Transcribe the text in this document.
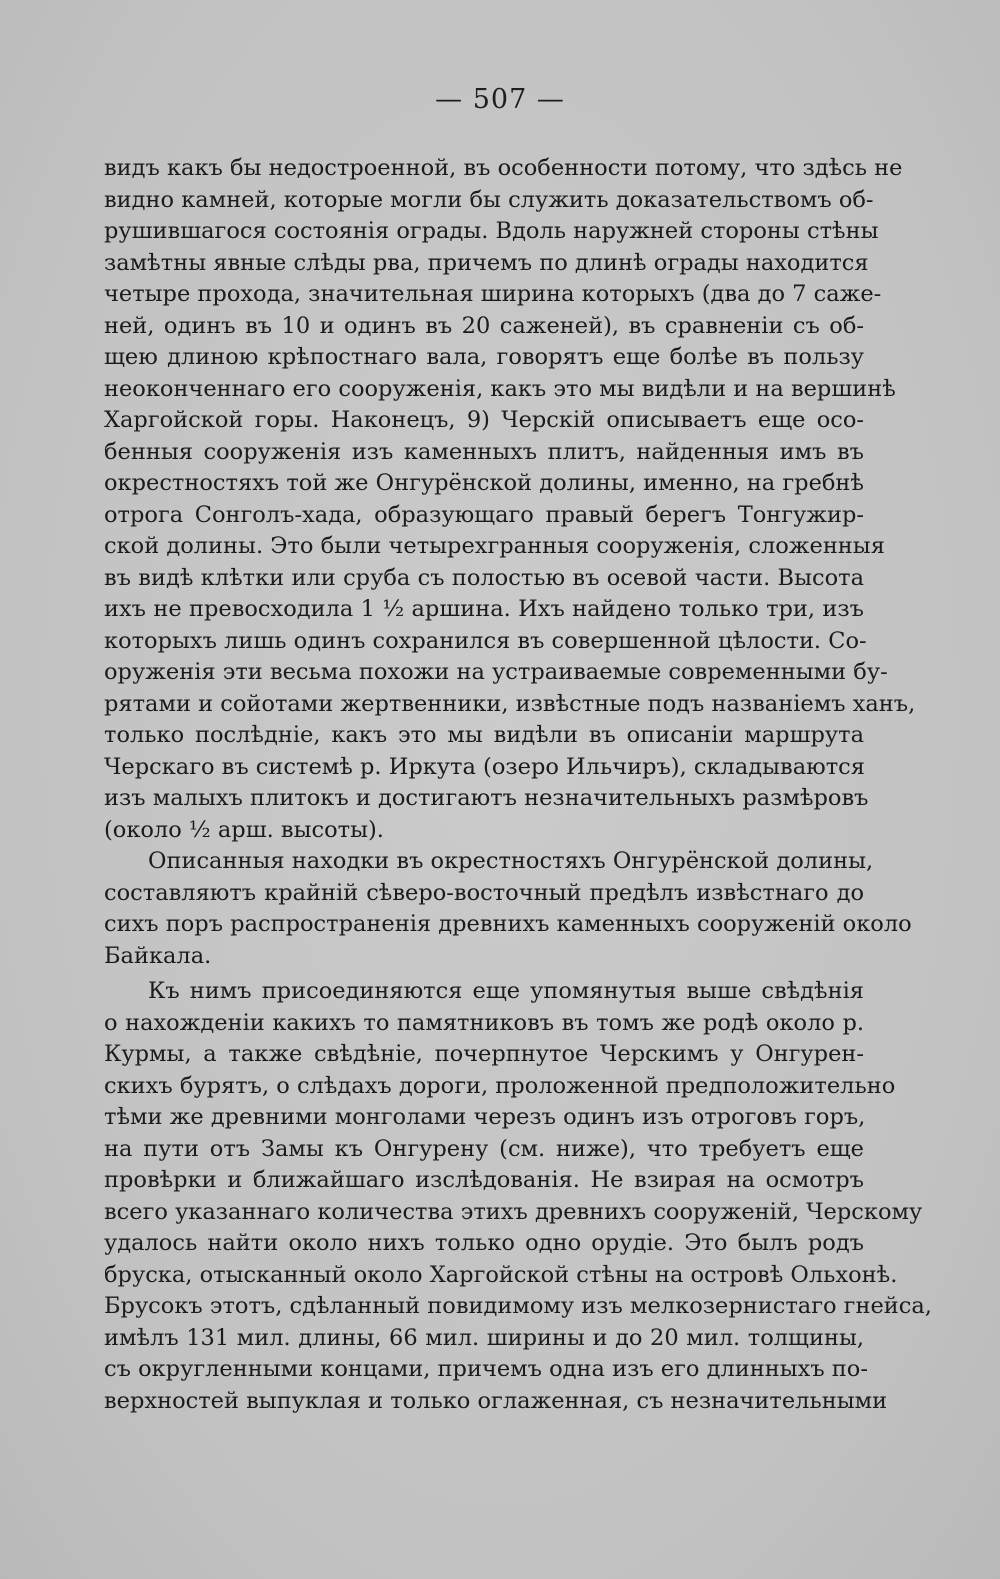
— 507 —
видъ какъ бы недостроенной, въ особенности потому, что здѣсь не
видно камней, которые могли бы служить доказательствомъ об-
рушившагося состоянія ограды. Вдоль наружней стороны стѣны
замѣтны явные слѣды рва, причемъ по длинѣ ограды находится
четыре прохода, значительная ширина которыхъ (два до 7 саже-
ней, одинъ въ 10 и одинъ въ 20 саженей), въ сравненіи съ об-
щею длиною крѣпостнаго вала, говорятъ еще болѣе въ пользу
неоконченнаго его сооруженія, какъ это мы видѣли и на вершинѣ
Харгойской горы. Наконецъ, 9) Черскій описываетъ еще осо-
бенныя сооруженія изъ каменныхъ плитъ, найденныя имъ въ
окрестностяхъ той же Онгурёнской долины, именно, на гребнѣ
отрога Сонголъ-хада, образующаго правый берегъ Тонгужир-
ской долины. Это были четырехгранныя сооруженія, сложенныя
въ видѣ клѣтки или сруба съ полостью въ осевой части. Высота
ихъ не превосходила 1 ½ аршина. Ихъ найдено только три, изъ
которыхъ лишь одинъ сохранился въ совершенной цѣлости. Со-
оруженія эти весьма похожи на устраиваемые современными бу-
рятами и сойотами жертвенники, извѣстные подъ названіемъ ханъ,
только послѣдніе, какъ это мы видѣли въ описаніи маршрута
Черскаго въ системѣ р. Иркута (озеро Ильчиръ), складываются
изъ малыхъ плитокъ и достигаютъ незначительныхъ размѣровъ
(около ½ арш. высоты).
Описанныя находки въ окрестностяхъ Онгурёнской долины,
составляютъ крайній сѣверо-восточный предѣлъ извѣстнаго до
сихъ поръ распространенія древнихъ каменныхъ сооруженій около
Байкала.
Къ нимъ присоединяются еще упомянутыя выше свѣдѣнія
о нахожденіи какихъ то памятниковъ въ томъ же родѣ около р.
Курмы, а также свѣдѣніе, почерпнутое Черскимъ у Онгурен-
скихъ бурятъ, о слѣдахъ дороги, проложенной предположительно
тѣми же древними монголами черезъ одинъ изъ отроговъ горъ,
на пути отъ Замы къ Онгурену (см. ниже), что требуетъ еще
провѣрки и ближайшаго изслѣдованія. Не взирая на осмотръ
всего указаннаго количества этихъ древнихъ сооруженій, Черскому
удалось найти около нихъ только одно орудіе. Это былъ родъ
бруска, отысканный около Харгойской стѣны на островѣ Ольхонѣ.
Брусокъ этотъ, сдѣланный повидимому изъ мелкозернистаго гнейса,
имѣлъ 131 мил. длины, 66 мил. ширины и до 20 мил. толщины,
съ округленными концами, причемъ одна изъ его длинныхъ по-
верхностей выпуклая и только оглаженная, съ незначительными
